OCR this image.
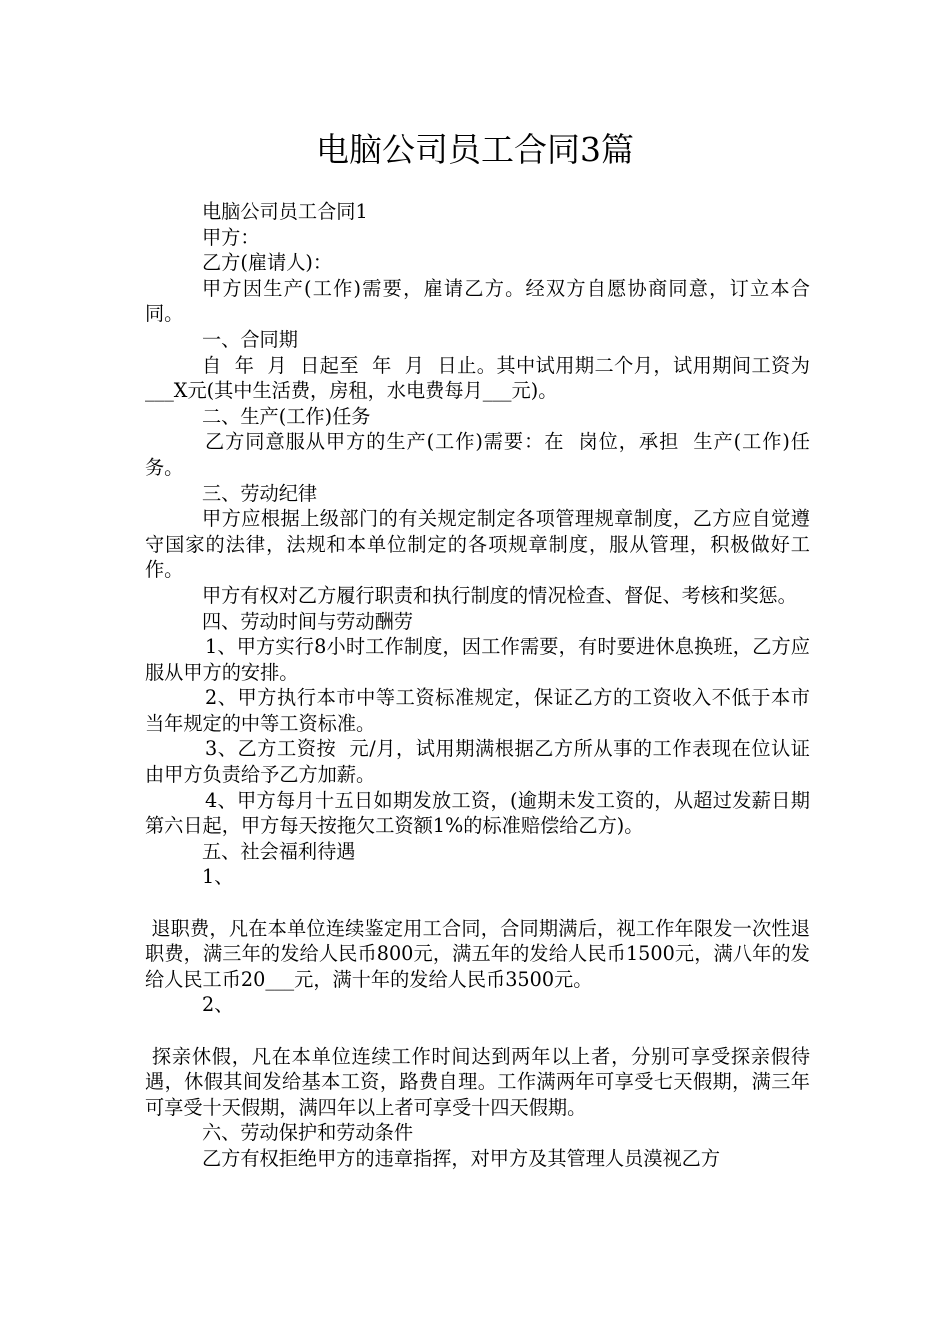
电脑公司员工合同3篇

电脑公司员工合同1

甲方：

乙方(雇请人)：

甲方因生产(工作)需要，雇请乙方。经双方自愿协商同意，订立本合同。

一、合同期

自  年  月  日起至  年  月  日止。其中试用期二个月，试用期间工资为___X元(其中生活费，房租，水电费每月___元)。

二、生产(工作)任务

乙方同意服从甲方的生产(工作)需要：在  岗位，承担  生产(工作)任务。

三、劳动纪律

甲方应根据上级部门的有关规定制定各项管理规章制度，乙方应自觉遵守国家的法律，法规和本单位制定的各项规章制度，服从管理，积极做好工作。

甲方有权对乙方履行职责和执行制度的情况检查、督促、考核和奖惩。

四、劳动时间与劳动酬劳

1、甲方实行8小时工作制度，因工作需要，有时要进休息换班，乙方应服从甲方的安排。

2、甲方执行本市中等工资标准规定，保证乙方的工资收入不低于本市当年规定的中等工资标准。

3、乙方工资按  元/月，试用期满根据乙方所从事的工作表现在位认证由甲方负责给予乙方加薪。

4、甲方每月十五日如期发放工资，(逾期未发工资的，从超过发薪日期第六日起，甲方每天按拖欠工资额1%的标准赔偿给乙方)。

五、社会福利待遇

1、

退职费，凡在本单位连续鉴定用工合同，合同期满后，视工作年限发一次性退职费，满三年的发给人民币800元，满五年的发给人民币1500元，满八年的发给人民工币20___元，满十年的发给人民币3500元。

2、

探亲休假，凡在本单位连续工作时间达到两年以上者，分别可享受探亲假待遇，休假其间发给基本工资，路费自理。工作满两年可享受七天假期，满三年可享受十天假期，满四年以上者可享受十四天假期。

六、劳动保护和劳动条件

乙方有权拒绝甲方的违章指挥，对甲方及其管理人员漠视乙方
